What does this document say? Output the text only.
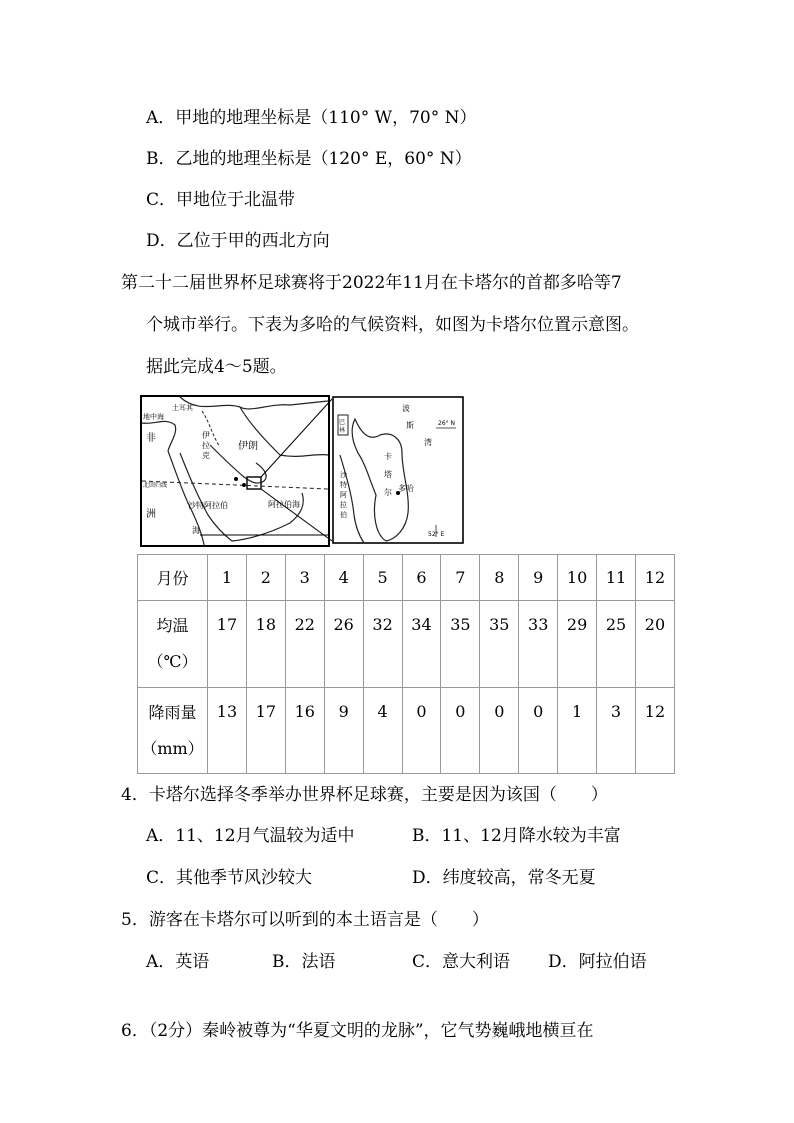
A．甲地的地理坐标是（110° W，70° N）
B．乙地的地理坐标是（120° E，60° N）
C．甲地位于北温带
D．乙位于甲的西北方向
第二十二届世界杯足球赛将于2022年11月在卡塔尔的首都多哈等7
个城市举行。下表为多哈的气候资料，如图为卡塔尔位置示意图。
据此完成4～5题。
土耳其
地中海
非
洲
北回归线
伊
拉
克
伊朗
沙特阿拉伯	阿拉伯海
海
波
斯
湾
巴
林
卡
塔
尔 多 哈
沙
特
阿
拉
伯
26° N
52° E
月份	1	2	3	4	5	6	7	8	9	10	11	12

均温
（℃）	17	18	22	26	32	34	35	35	33	29	25	20

降雨量
（mm）	13	17	16	9	4	0	0	0	0	1	3	12
4．卡塔尔选择冬季举办世界杯足球赛，主要是因为该国（　　）
A．11、12月气温较为适中	B．11、12月降水较为丰富
C．其他季节风沙较大	D．纬度较高，常冬无夏
5．游客在卡塔尔可以听到的本土语言是（　　）
A．英语	B．法语	C．意大利语 D．阿拉伯语
6．（2分）秦岭被尊为“华夏文明的龙脉”，它气势巍峨地横亘在
